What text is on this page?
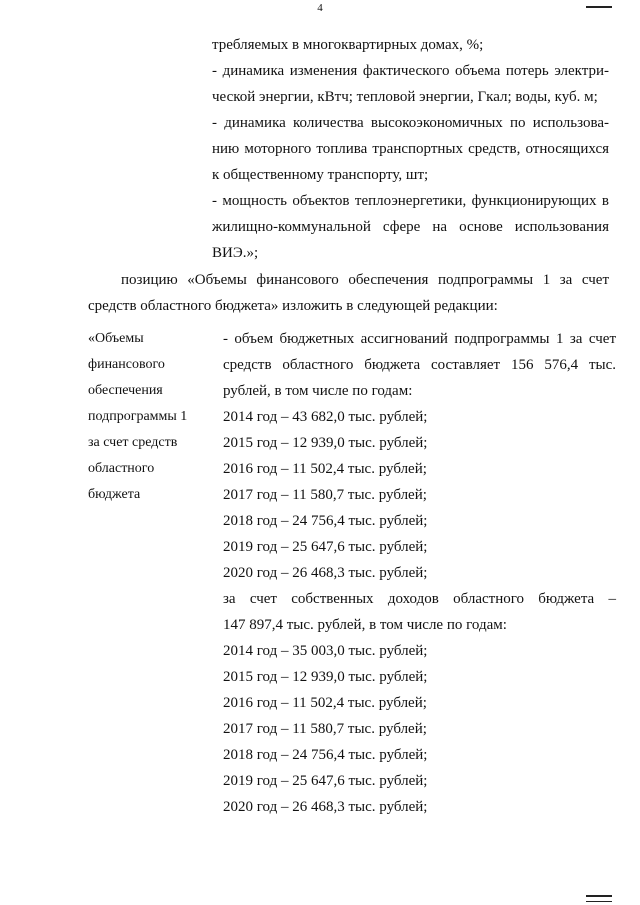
4
требляемых в многоквартирных домах, %;
- динамика изменения фактического объема потерь электри-
ческой энергии, кВтч; тепловой энергии, Гкал; воды, куб. м;
- динамика количества высокоэкономичных по использова-
нию моторного топлива транспортных средств, относящихся
к общественному транспорту, шт;
- мощность объектов теплоэнергетики, функционирующих в
жилищно-коммунальной сфере на основе использования
ВИЭ.»;
позицию «Объемы финансового обеспечения подпрограммы 1 за счет
средств областного бюджета» изложить в следующей редакции:
«Объемы
финансового
обеспечения
подпрограммы 1
за счет средств
областного
бюджета
- объем бюджетных ассигнований подпрограммы 1 за счет
средств областного бюджета составляет 156 576,4 тыс.
рублей, в том числе по годам:
2014 год – 43 682,0 тыс. рублей;
2015 год – 12 939,0 тыс. рублей;
2016 год – 11 502,4 тыс. рублей;
2017 год – 11 580,7 тыс. рублей;
2018 год – 24 756,4 тыс. рублей;
2019 год – 25 647,6 тыс. рублей;
2020 год – 26 468,3 тыс. рублей;
за счет собственных доходов областного бюджета –
147 897,4 тыс. рублей, в том числе по годам:
2014 год – 35 003,0 тыс. рублей;
2015 год – 12 939,0 тыс. рублей;
2016 год – 11 502,4 тыс. рублей;
2017 год – 11 580,7 тыс. рублей;
2018 год – 24 756,4 тыс. рублей;
2019 год – 25 647,6 тыс. рублей;
2020 год – 26 468,3 тыс. рублей;
